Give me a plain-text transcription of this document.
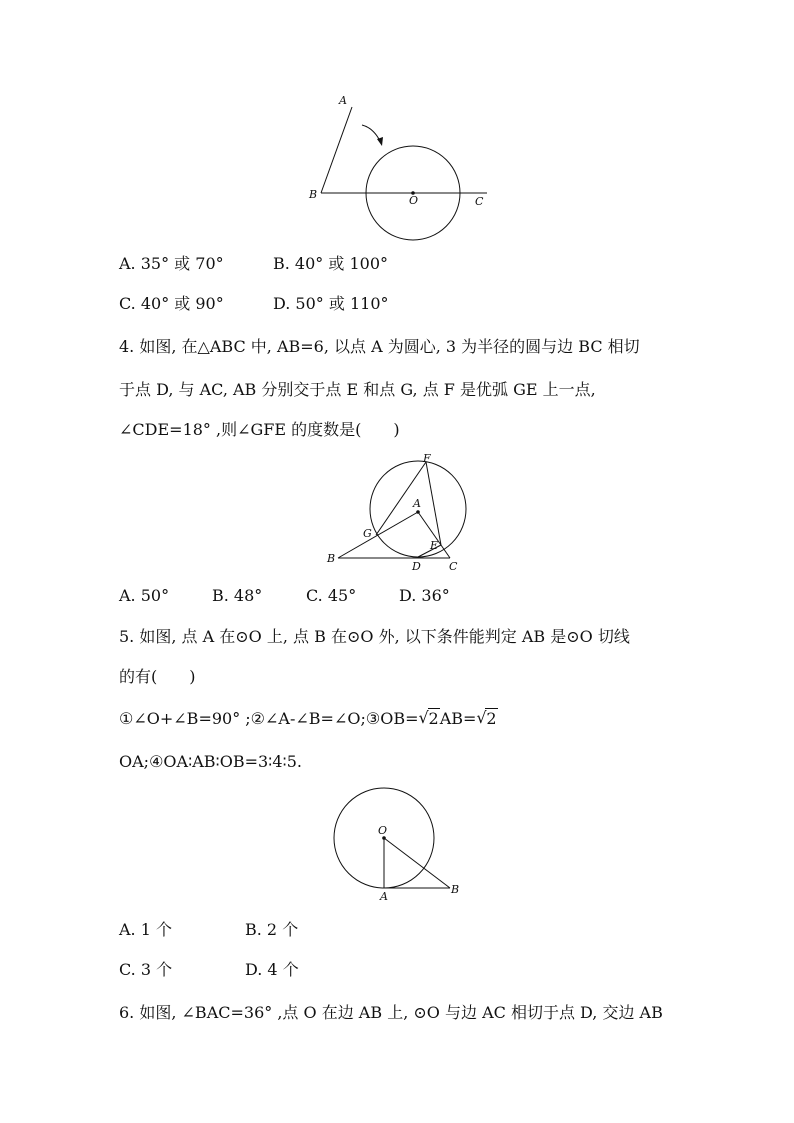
A
B	O	C
A. 35° 或 70°	B. 40° 或 100°
C. 40° 或 90°	D. 50° 或 110°
4. 如图, 在△ABC 中, AB=6, 以点 A 为圆心, 3 为半径的圆与边 BC 相切
于点 D, 与 AC, AB 分别交于点 E 和点 G, 点 F 是优弧 GE 上一点,
∠CDE=18° ,则∠GFE 的度数是(　　)
F
A
G
E
B
D	C
A. 50°	B. 48°	C. 45°	D. 36°
5. 如图, 点 A 在⊙O 上, 点 B 在⊙O 外, 以下条件能判定 AB 是⊙O 切线
的有(　　)
①∠O+∠B=90° ;②∠A-∠B=∠O;③OB= √ 2AB= √ 2
OA;④OA∶AB∶OB=3∶4∶5.
O
A
B
A. 1 个	B. 2 个
C. 3 个	D. 4 个
6. 如图, ∠BAC=36° ,点 O 在边 AB 上, ⊙O 与边 AC 相切于点 D, 交边 AB
